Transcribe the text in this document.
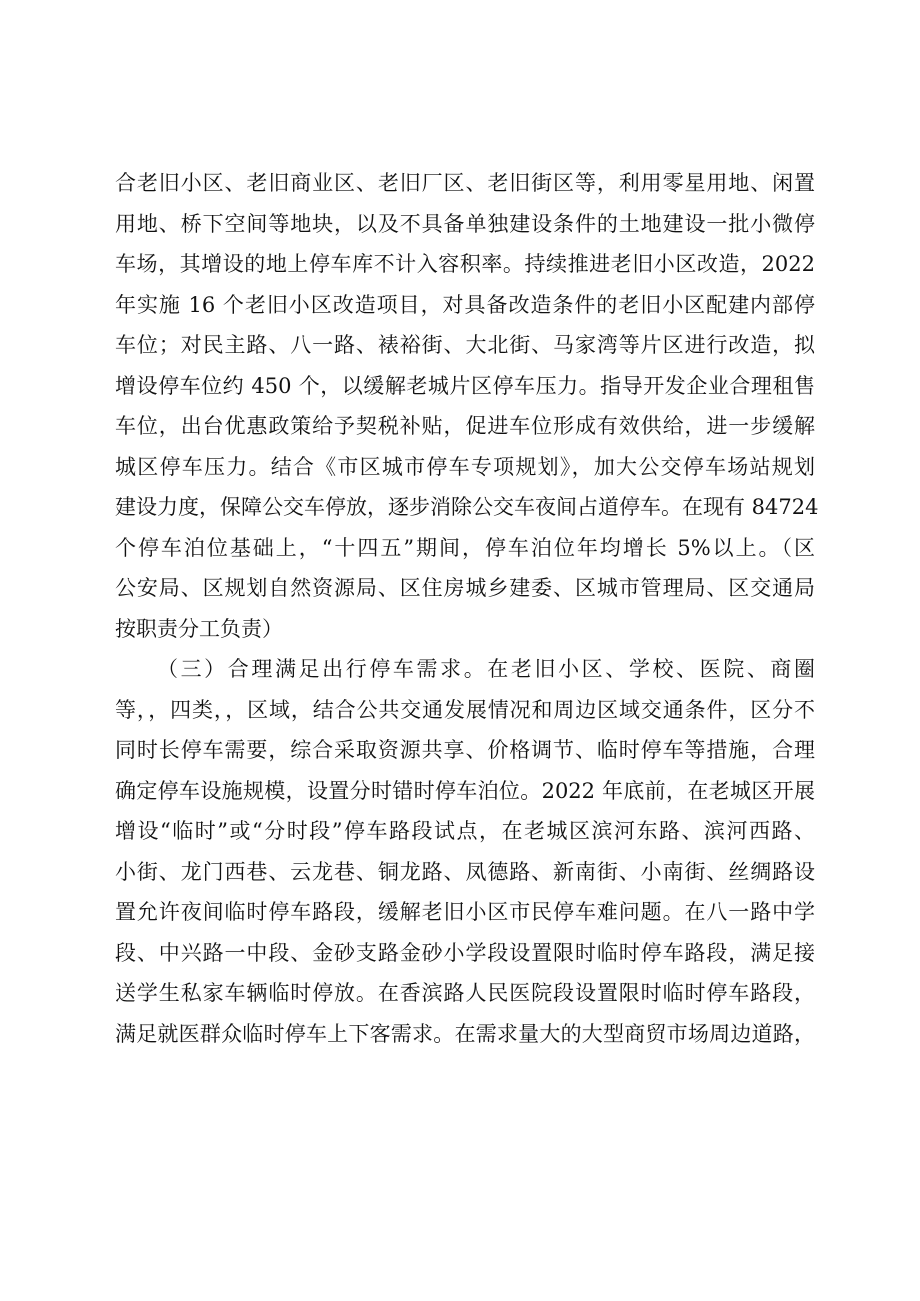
合老旧小区、老旧商业区、老旧厂区、老旧街区等，利用零星用地、闲置
用地、桥下空间等地块，以及不具备单独建设条件的土地建设一批小微停
车场，其增设的地上停车库不计入容积率。持续推进老旧小区改造，2022
年实施 16 个老旧小区改造项目，对具备改造条件的老旧小区配建内部停
车位；对民主路、八一路、裱裕街、大北街、马家湾等片区进行改造，拟
增设停车位约 450 个，以缓解老城片区停车压力。指导开发企业合理租售
车位，出台优惠政策给予契税补贴，促进车位形成有效供给，进一步缓解
城区停车压力。结合《市区城市停车专项规划》，加大公交停车场站规划
建设力度，保障公交车停放，逐步消除公交车夜间占道停车。在现有 84724
个停车泊位基础上，“十四五”期间，停车泊位年均增长 5%以上。（区
公安局、区规划自然资源局、区住房城乡建委、区城市管理局、区交通局
按职责分工负责）
（三）合理满足出行停车需求。在老旧小区、学校、医院、商圈
等，，四类，，区域，结合公共交通发展情况和周边区域交通条件，区分不
同时长停车需要，综合采取资源共享、价格调节、临时停车等措施，合理
确定停车设施规模，设置分时错时停车泊位。2022 年底前，在老城区开展
增设“临时”或“分时段”停车路段试点，在老城区滨河东路、滨河西路、
小街、龙门西巷、云龙巷、铜龙路、凤德路、新南街、小南街、丝绸路设
置允许夜间临时停车路段，缓解老旧小区市民停车难问题。在八一路中学
段、中兴路一中段、金砂支路金砂小学段设置限时临时停车路段，满足接
送学生私家车辆临时停放。在香滨路人民医院段设置限时临时停车路段，
满足就医群众临时停车上下客需求。在需求量大的大型商贸市场周边道路，
